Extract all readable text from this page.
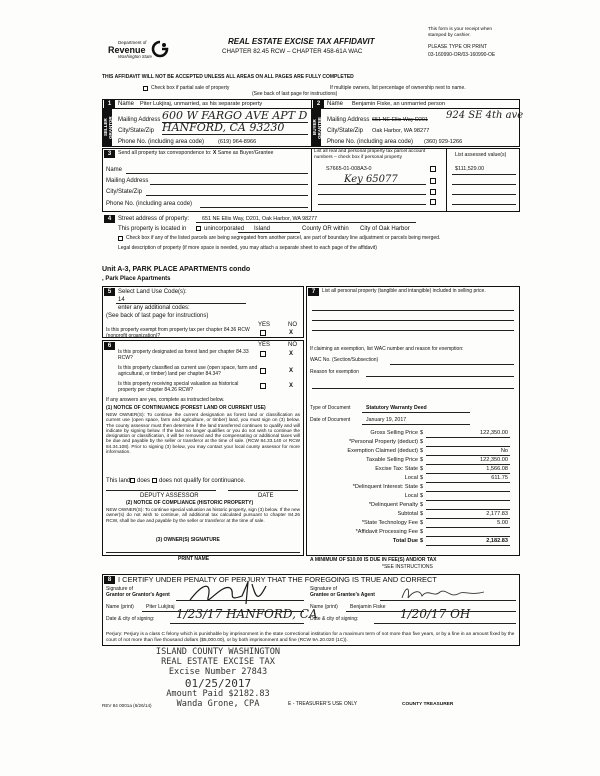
Department of
Revenue
Washington State
REAL ESTATE EXCISE TAX AFFIDAVIT
CHAPTER 82.45 RCW – CHAPTER 458-61A WAC
This form is your receipt when stamped by cashier.
PLEASE TYPE OR PRINT
03-160990-OR/03-160990-OE
THIS AFFIDAVIT WILL NOT BE ACCEPTED UNLESS ALL AREAS ON ALL PAGES ARE FULLY COMPLETED
Check box if partial sale of property	If multiple owners, list percentage of ownership next to name.
(See back of last page for instructions)
1	Name Piter Lukjiraj, unmarried, as his separate property
SELLER GRANTOR Mailing Address 600 W FARGO AVE APT D
City/State/Zip HANFORD, CA 93230
Phone No. (including area code) (619) 964-8966
2	Name Benjamin Fiske, an unmarried person
BUYER GRANTEE Mailing Address 651 NE Ellis Way D201 924 SE 4th ave
City/State/Zip Oak Harbor, WA 98277
Phone No. (including area code) (360) 929-1266
3	Send all property tax correspondence to: X Same as Buyer/Grantee
Name
Mailing Address
City/State/Zip
Phone No. (including area code)
List all real and personal property tax parcel account numbers – check box if personal property	List assessed value(s)
S7665-01-008A3-0	$111,529.00
Key 65077
4	Street address of property: 651 NE Ellis Way, D201, Oak Harbor, WA 98277
This property is located in	unincorporated Island	County OR within City of Oak Harbor
Check box if any of the listed parcels are being segregated from another parcel, are part of boundary line adjustment or parcels being merged.
Legal description of property (if more space is needed, you may attach a separate sheet to each page of the affidavit)
Unit A-3, PARK PLACE APARTMENTS condo
, Park Place Apartments
5	Select Land Use Code(s):
14
enter any additional codes:
(See back of last page for instructions)
YES	NO
Is this property exempt from property tax per chapter 84.36 RCW (nonprofit organization)?	X
6	YES	NO
Is this property designated as forest land per chapter 84.33 RCW?
X
Is this property classified as current use (open space, farm and agricultural, or timber) land per chapter 84.34?	X
Is this property receiving special valuation as historical property per chapter 84.26 RCW?
X
If any answers are yes, complete as instructed below.
(1) NOTICE OF CONTINUANCE (FOREST LAND OR CURRENT USE)
NEW OWNER(S): To continue the current designation as forest land or classification as current use (open space, farm and agriculture, or timber) land, you must sign on (3) below. The county assessor must then determine if the land transferred continues to qualify and will indicate by signing below. If the land no longer qualifies or you do not wish to continue the designation or classification, it will be removed and the compensating or additional taxes will be due and payable by the seller or transferor at the time of sale. (RCW 84.33.140 or RCW 84.34.108). Prior to signing (3) below, you may contact your local county assessor for more information.
This land does does not qualify for continuance.
DEPUTY ASSESSOR	DATE
(2) NOTICE OF COMPLIANCE (HISTORIC PROPERTY)
NEW OWNER(S): To continue special valuation as historic property, sign (3) below. If the new owner(s) do not wish to continue, all additional tax calculated pursuant to chapter 84.26 RCW, shall be due and payable by the seller or transferor at the time of sale.
(3) OWNER(S) SIGNATURE
PRINT NAME
7	List all personal property (tangible and intangible) included in selling price.
If claiming an exemption, list WAC number and reason for exemption:
WAC No. (Section/Subsection)
Reason for exemption
Type of Document	Statutory Warranty Deed
Date of Document	January 19, 2017
Gross Selling Price $	122,350.00
*Personal Property (deduct) $
Exemption Claimed (deduct) $	No
Taxable Selling Price $	122,350.00
Excise Tax: State $	1,566.08
Local $	611.75
*Delinquent Interest: State $
Local $
*Delinquent Penalty $
Subtotal $	2,177.83
*State Technology Fee $	5.00
*Affidavit Processing Fee $
Total Due $	2,182.83
A MINIMUM OF $10.00 IS DUE IN FEE(S) AND/OR TAX
*SEE INSTRUCTIONS
8 I CERTIFY UNDER PENALTY OF PERJURY THAT THE FOREGOING IS TRUE AND CORRECT
Signature of
Grantor or Grantor's Agent
Name (print) Piter Lukjiraj
Date & city of signing: 1/23/17 HANFORD, CA
Signature of
Grantee or Grantee's Agent
Name (print) Benjamin Fiske
Date & city of signing:	1/20/17 OH
Perjury: Perjury is a class C felony which is punishable by imprisonment in the state correctional institution for a maximum term of not more than five years, or by a fine in an amount fixed by the court of not more than five thousand dollars ($5,000.00), or by both imprisonment and fine (RCW 9A.20.020 (1C)).
ISLAND COUNTY WASHINGTON
REAL ESTATE EXCISE TAX
Excise Number 27843
01/25/2017
Amount Paid $2182.83
Wanda Grone, CPA
REV 84 0001a (6/26/14)	E - TREASURER'S USE ONLY	COUNTY TREASURER
